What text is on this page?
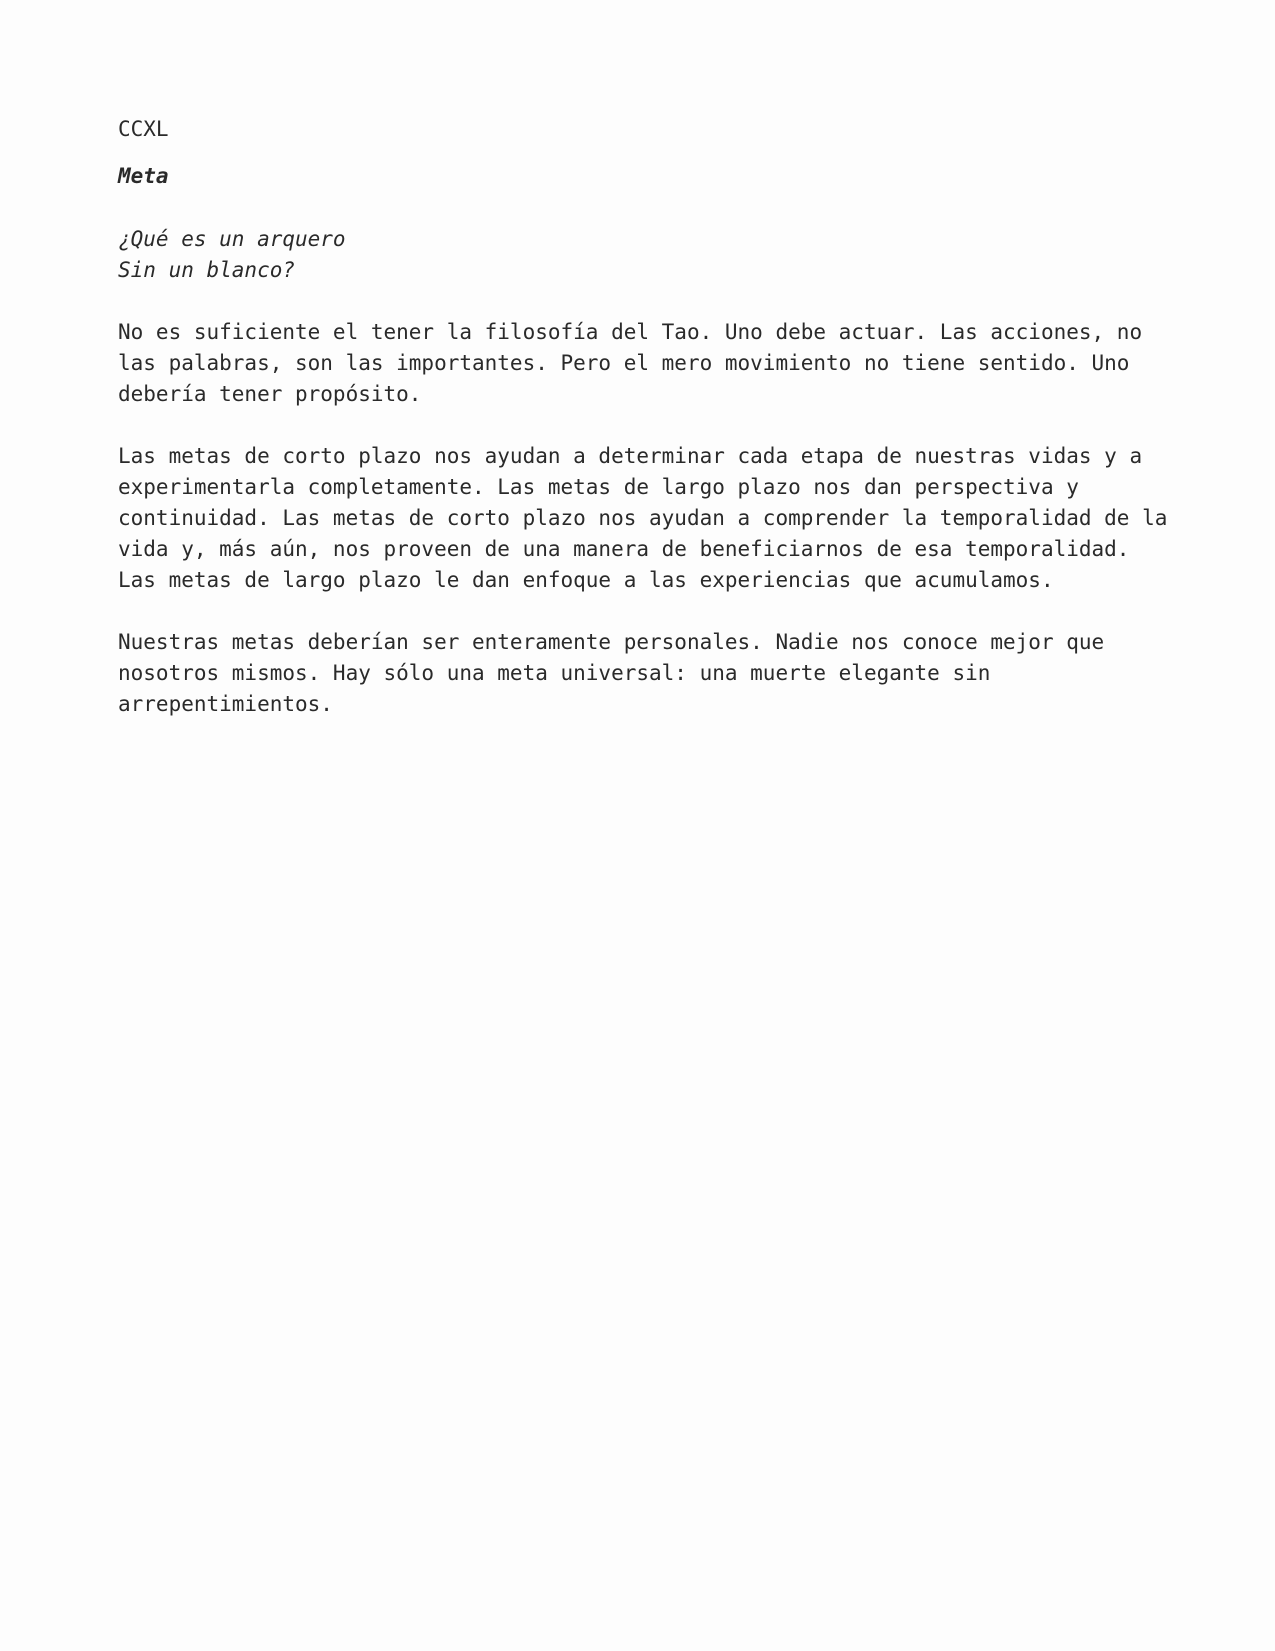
CCXL

Meta

¿Qué es un arquero
Sin un blanco?

No es suficiente el tener la filosofía del Tao. Uno debe actuar. Las acciones, no
las palabras, son las importantes. Pero el mero movimiento no tiene sentido. Uno
debería tener propósito.

Las metas de corto plazo nos ayudan a determinar cada etapa de nuestras vidas y a
experimentarla completamente. Las metas de largo plazo nos dan perspectiva y
continuidad. Las metas de corto plazo nos ayudan a comprender la temporalidad de la
vida y, más aún, nos proveen de una manera de beneficiarnos de esa temporalidad.
Las metas de largo plazo le dan enfoque a las experiencias que acumulamos.

Nuestras metas deberían ser enteramente personales. Nadie nos conoce mejor que
nosotros mismos. Hay sólo una meta universal: una muerte elegante sin
arrepentimientos.
